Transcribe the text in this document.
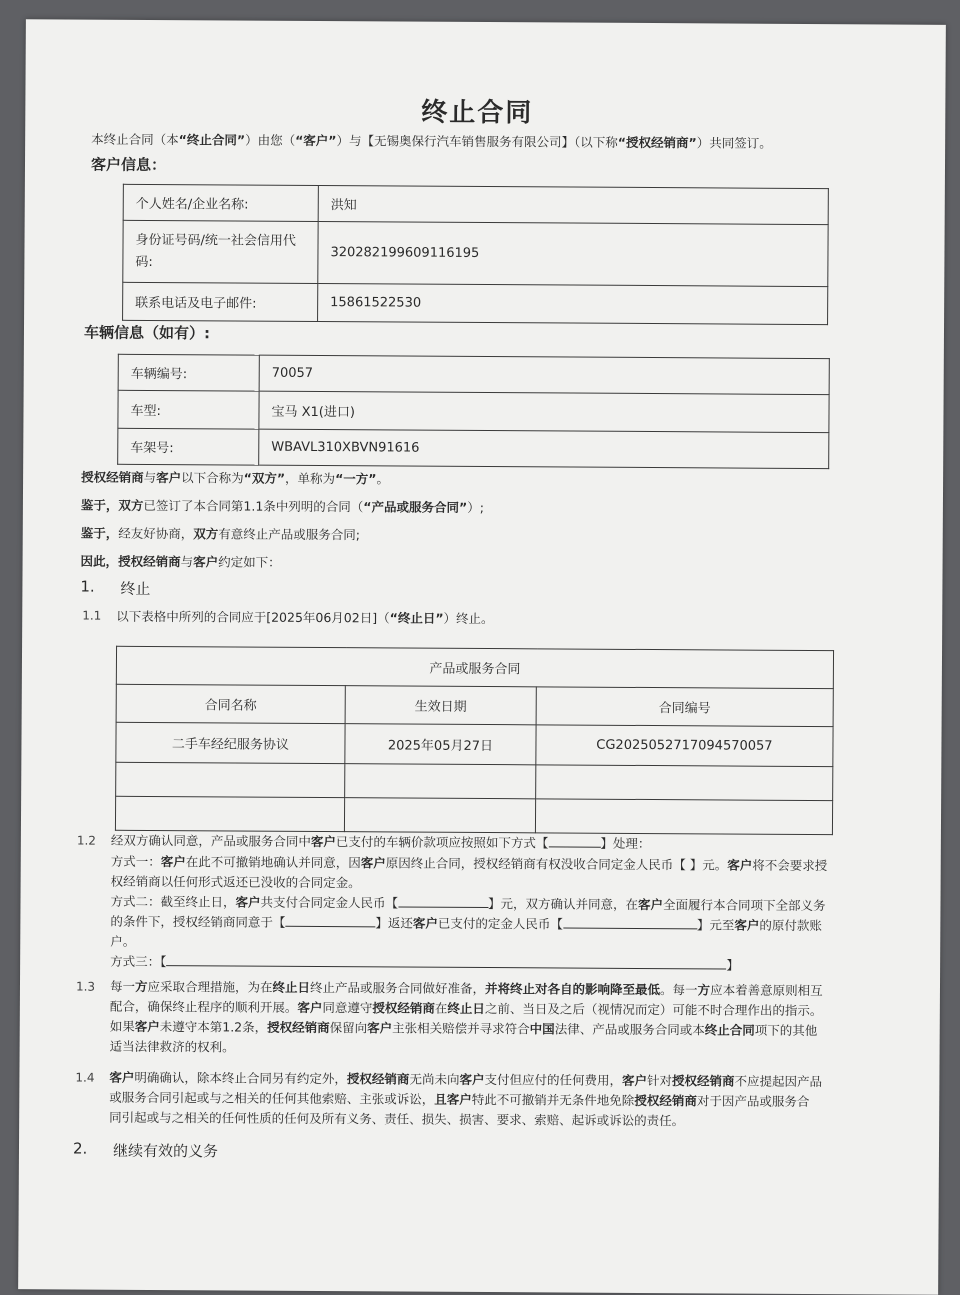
终止合同
本终止合同（本“终止合同”）由您（“客户”）与【无锡奥保行汽车销售服务有限公司】（以下称“授权经销商”）共同签订。
客户信息：
个人姓名/企业名称:	洪知
身份证号码/统一社会信用代码:	320282199609116195
联系电话及电子邮件:	15861522530
车辆信息（如有）:
车辆编号:	70057
车型:	宝马 X1(进口)
车架号:	WBAVL310XBVN91616
授权经销商与客户以下合称为“双方”，单称为“一方”。
鉴于，双方已签订了本合同第1.1条中列明的合同（“产品或服务合同”）;
鉴于，经友好协商，双方有意终止产品或服务合同;
因此，授权经销商与客户约定如下：
1. 终止
1.1 以下表格中所列的合同应于[2025年06月02日]（“终止日”）终止。
产品或服务合同		
合同名称	生效日期	合同编号
二手车经纪服务协议	2025年05月27日	CG2025052717094570057

1.2 经双方确认同意，产品或服务合同中客户已支付的车辆价款项应按照如下方式【	】处理：
方式一：客户在此不可撤销地确认并同意，因客户原因终止合同，授权经销商有权没收合同定金人民币【 】元。客户将不会要求授
权经销商以任何形式返还已没收的合同定金。
方式二：截至终止日，客户共支付合同定金人民币【	】元，双方确认并同意，在客户全面履行本合同项下全部义务
的条件下，授权经销商同意于【	】返还客户已支付的定金人民币【	】元至客户的原付款账
户。
方式三：【	】
1.3 每一方应采取合理措施，为在终止日终止产品或服务合同做好准备，并将终止对各自的影响降至最低。每一方应本着善意原则相互
配合，确保终止程序的顺利开展。客户同意遵守授权经销商在终止日之前、当日及之后（视情况而定）可能不时合理作出的指示。
如果客户未遵守本第1.2条，授权经销商保留向客户主张相关赔偿并寻求符合中国法律、产品或服务合同或本终止合同项下的其他
适当法律救济的权利。
1.4 客户明确确认，除本终止合同另有约定外，授权经销商无尚未向客户支付但应付的任何费用，客户针对授权经销商不应提起因产品
或服务合同引起或与之相关的任何其他索赔、主张或诉讼，且客户特此不可撤销并无条件地免除授权经销商对于因产品或服务合
同引起或与之相关的任何性质的任何及所有义务、责任、损失、损害、要求、索赔、起诉或诉讼的责任。
2. 继续有效的义务
